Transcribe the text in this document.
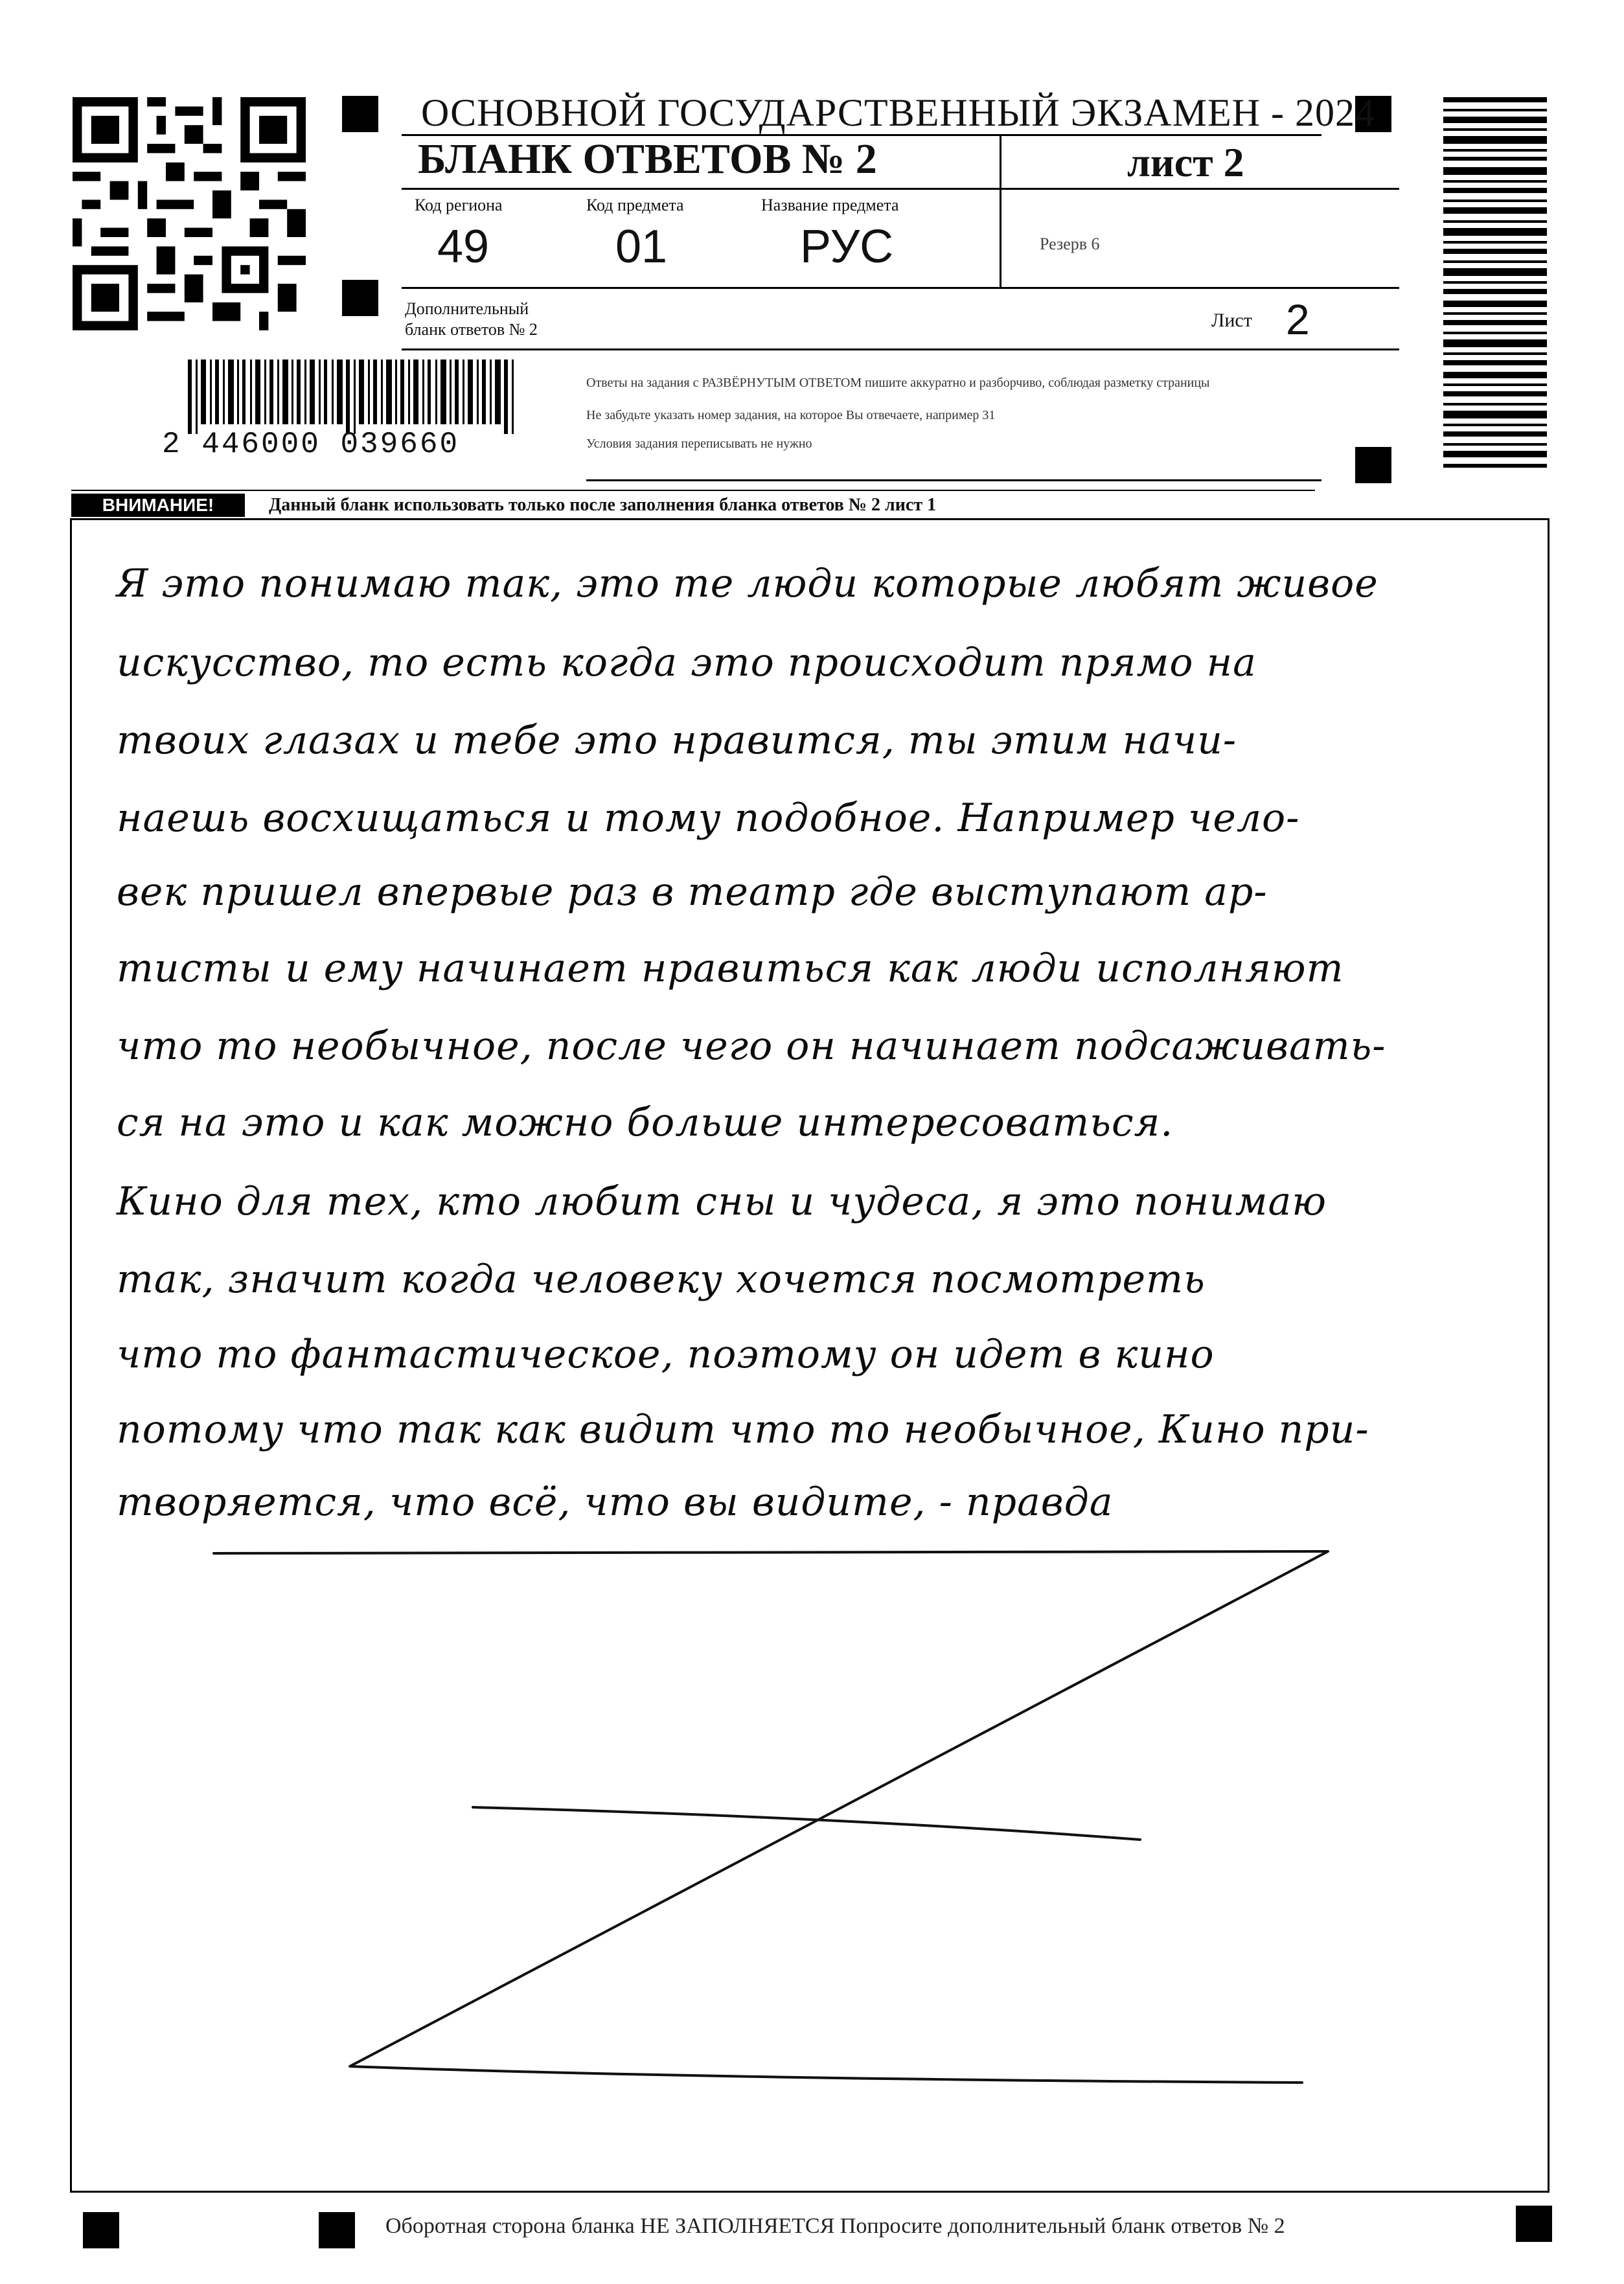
2 446000 039660
ОСНОВНОЙ ГОСУДАРСТВЕННЫЙ ЭКЗАМЕН - 2024
БЛАНК ОТВЕТОВ № 2	лист 2
Код региона
49
Код предмета
01
Название предмета
РУС	Резерв 6
Дополнительный
бланк ответов № 2	Лист 2
Ответы на задания с РАЗВЁРНУТЫМ ОТВЕТОМ пишите аккуратно и разборчиво, соблюдая разметку страницы
Не забудьте указать номер задания, на которое Вы отвечаете, например 31
Условия задания переписывать не нужно
ВНИМАНИЕ!	Данный бланк использовать только после заполнения бланка ответов № 2 лист 1
Я это понимаю так, это те люди которые любят живое
искусство, то есть когда это происходит прямо на
твоих глазах и тебе это нравится, ты этим начи-
наешь восхищаться и тому подобное. Например чело-
век пришел впервые раз в театр где выступают ар-
тисты и ему начинает нравиться как люди исполняют
что то необычное, после чего он начинает подсаживать-
ся на это и как можно больше интересоваться.
Кино для тех, кто любит сны и чудеса, я это понимаю
так, значит когда человеку хочется посмотреть
что то фантастическое, поэтому он идет в кино
потому что так как видит что то необычное, Кино при-
творяется, что всё, что вы видите, - правда
Оборотная сторона бланка НЕ ЗАПОЛНЯЕТСЯ Попросите дополнительный бланк ответов № 2
